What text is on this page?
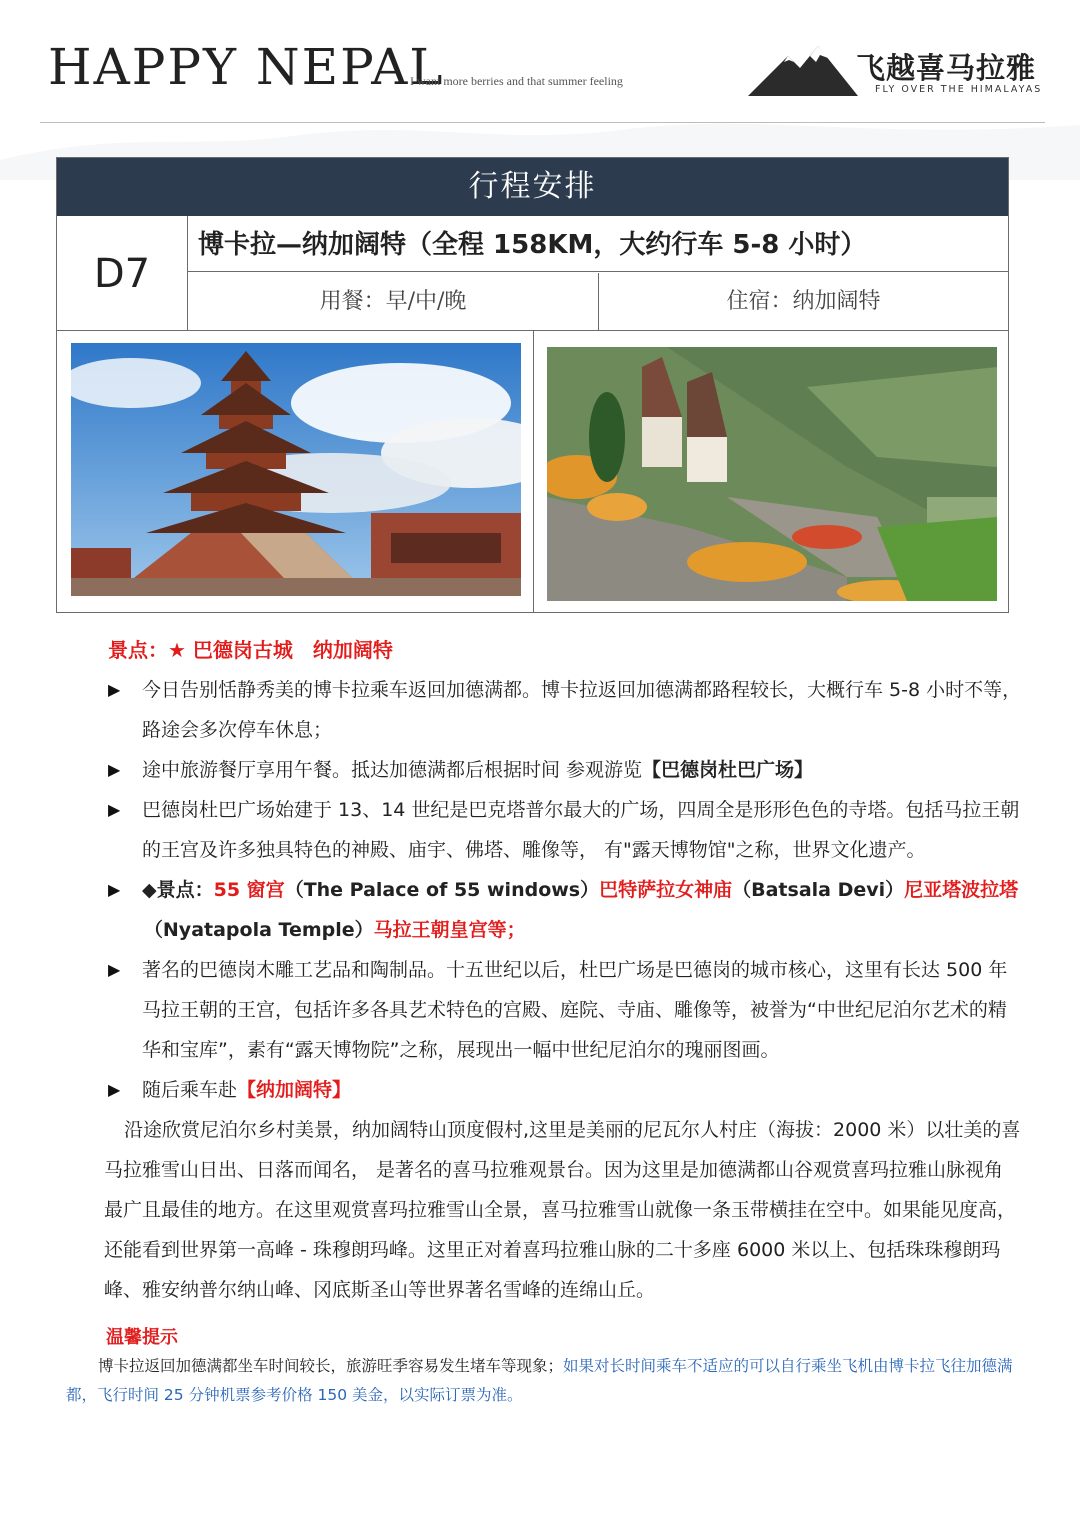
HAPPY NEPAL
I want more berries and that summer feeling	飞越喜马拉雅
FLY OVER THE HIMALAYAS
行程安排
D7
博卡拉—纳加阔特（全程 158KM，大约行车 5-8 小时）
用餐：早/中/晚	住宿：纳加阔特
景点：★ 巴德岗古城　纳加阔特
▶ 今日告别恬静秀美的博卡拉乘车返回加德满都。博卡拉返回加德满都路程较长，大概行车 5-8 小时不等，路途会多次停车休息；
▶ 途中旅游餐厅享用午餐。抵达加德满都后根据时间 参观游览【巴德岗杜巴广场】
▶ 巴德岗杜巴广场始建于 13、14 世纪是巴克塔普尔最大的广场，四周全是形形色色的寺塔。包括马拉王朝的王宫及许多独具特色的神殿、庙宇、佛塔、雕像等， 有"露天博物馆"之称，世界文化遗产。
▶ ◆景点：55 窗宫（The Palace of 55 windows）巴特萨拉女神庙（Batsala Devi）尼亚塔波拉塔
 （Nyatapola Temple）马拉王朝皇宫等；
▶ 著名的巴德岗木雕工艺品和陶制品。十五世纪以后，杜巴广场是巴德岗的城市核心，这里有长达 500 年马拉王朝的王宫，包括许多各具艺术特色的宫殿、庭院、寺庙、雕像等，被誉为“中世纪尼泊尔艺术的精华和宝库”，素有“露天博物院”之称，展现出一幅中世纪尼泊尔的瑰丽图画。
▶ 随后乘车赴【纳加阔特】
沿途欣赏尼泊尔乡村美景，纳加阔特山顶度假村,这里是美丽的尼瓦尔人村庄（海拔：2000 米）以壮美的喜马拉雅雪山日出、日落而闻名， 是著名的喜马拉雅观景台。因为这里是加德满都山谷观赏喜玛拉雅山脉视角最广且最佳的地方。在这里观赏喜玛拉雅雪山全景，喜马拉雅雪山就像一条玉带横挂在空中。如果能见度高，还能看到世界第一高峰 - 珠穆朗玛峰。这里正对着喜玛拉雅山脉的二十多座 6000 米以上、包括珠珠穆朗玛峰、雅安纳普尔纳山峰、冈底斯圣山等世界著名雪峰的连绵山丘。
温馨提示
博卡拉返回加德满都坐车时间较长，旅游旺季容易发生堵车等现象；如果对长时间乘车不适应的可以自行乘坐飞机由博卡拉飞往加德满都，飞行时间 25 分钟机票参考价格 150 美金，以实际订票为准。
